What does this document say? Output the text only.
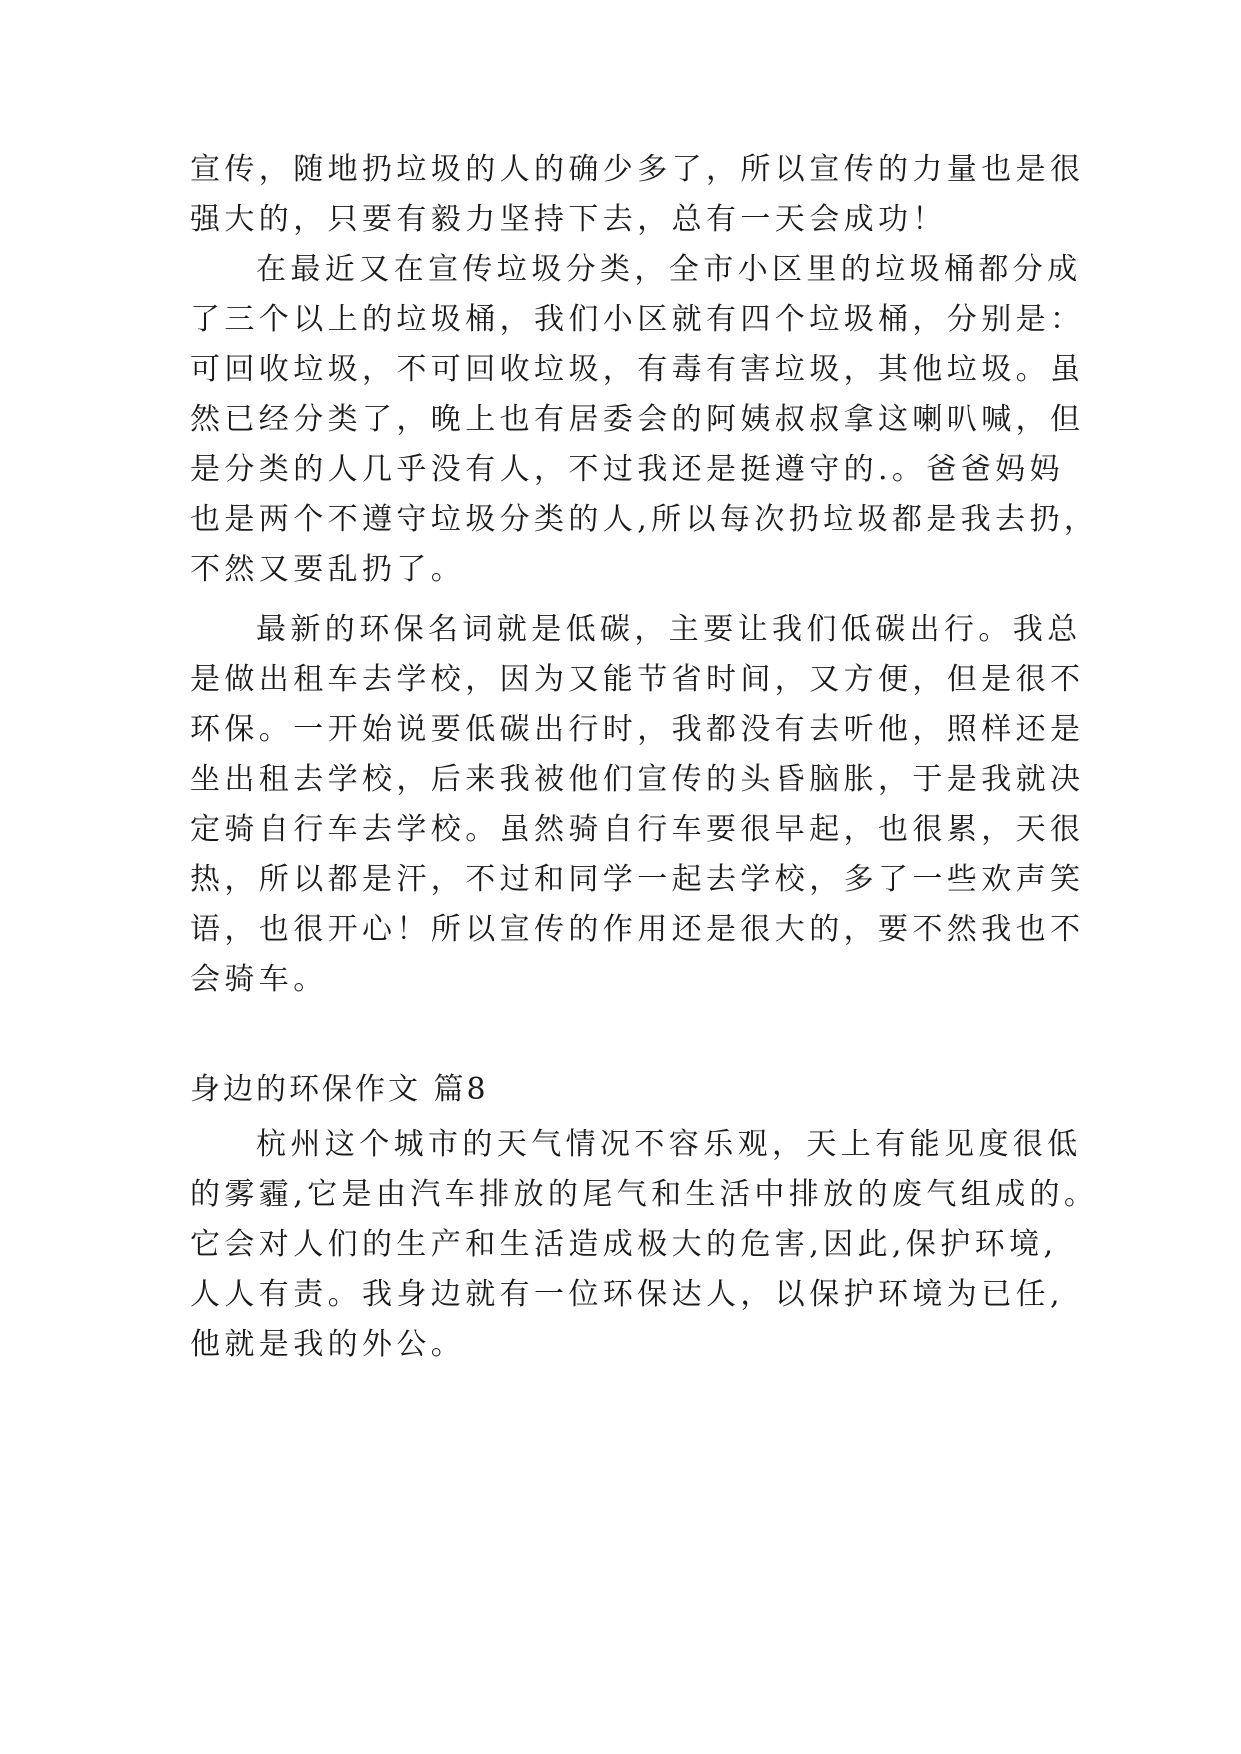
宣传，随地扔垃圾的人的确少多了，所以宣传的力量也是很
强大的，只要有毅力坚持下去，总有一天会成功！
在最近又在宣传垃圾分类，全市小区里的垃圾桶都分成
了三个以上的垃圾桶，我们小区就有四个垃圾桶，分别是：
可回收垃圾，不可回收垃圾，有毒有害垃圾，其他垃圾。虽
然已经分类了，晚上也有居委会的阿姨叔叔拿这喇叭喊，但
是分类的人几乎没有人，不过我还是挺遵守的.。爸爸妈妈
也是两个不遵守垃圾分类的人,所以每次扔垃圾都是我去扔，
不然又要乱扔了。
最新的环保名词就是低碳，主要让我们低碳出行。我总
是做出租车去学校，因为又能节省时间，又方便，但是很不
环保。一开始说要低碳出行时，我都没有去听他，照样还是
坐出租去学校，后来我被他们宣传的头昏脑胀，于是我就决
定骑自行车去学校。虽然骑自行车要很早起，也很累，天很
热，所以都是汗，不过和同学一起去学校，多了一些欢声笑
语，也很开心！所以宣传的作用还是很大的，要不然我也不
会骑车。
身边的环保作文 篇8
杭州这个城市的天气情况不容乐观，天上有能见度很低
的雾霾,它是由汽车排放的尾气和生活中排放的废气组成的。
它会对人们的生产和生活造成极大的危害,因此,保护环境,
人人有责。我身边就有一位环保达人，以保护环境为已任,
他就是我的外公。
